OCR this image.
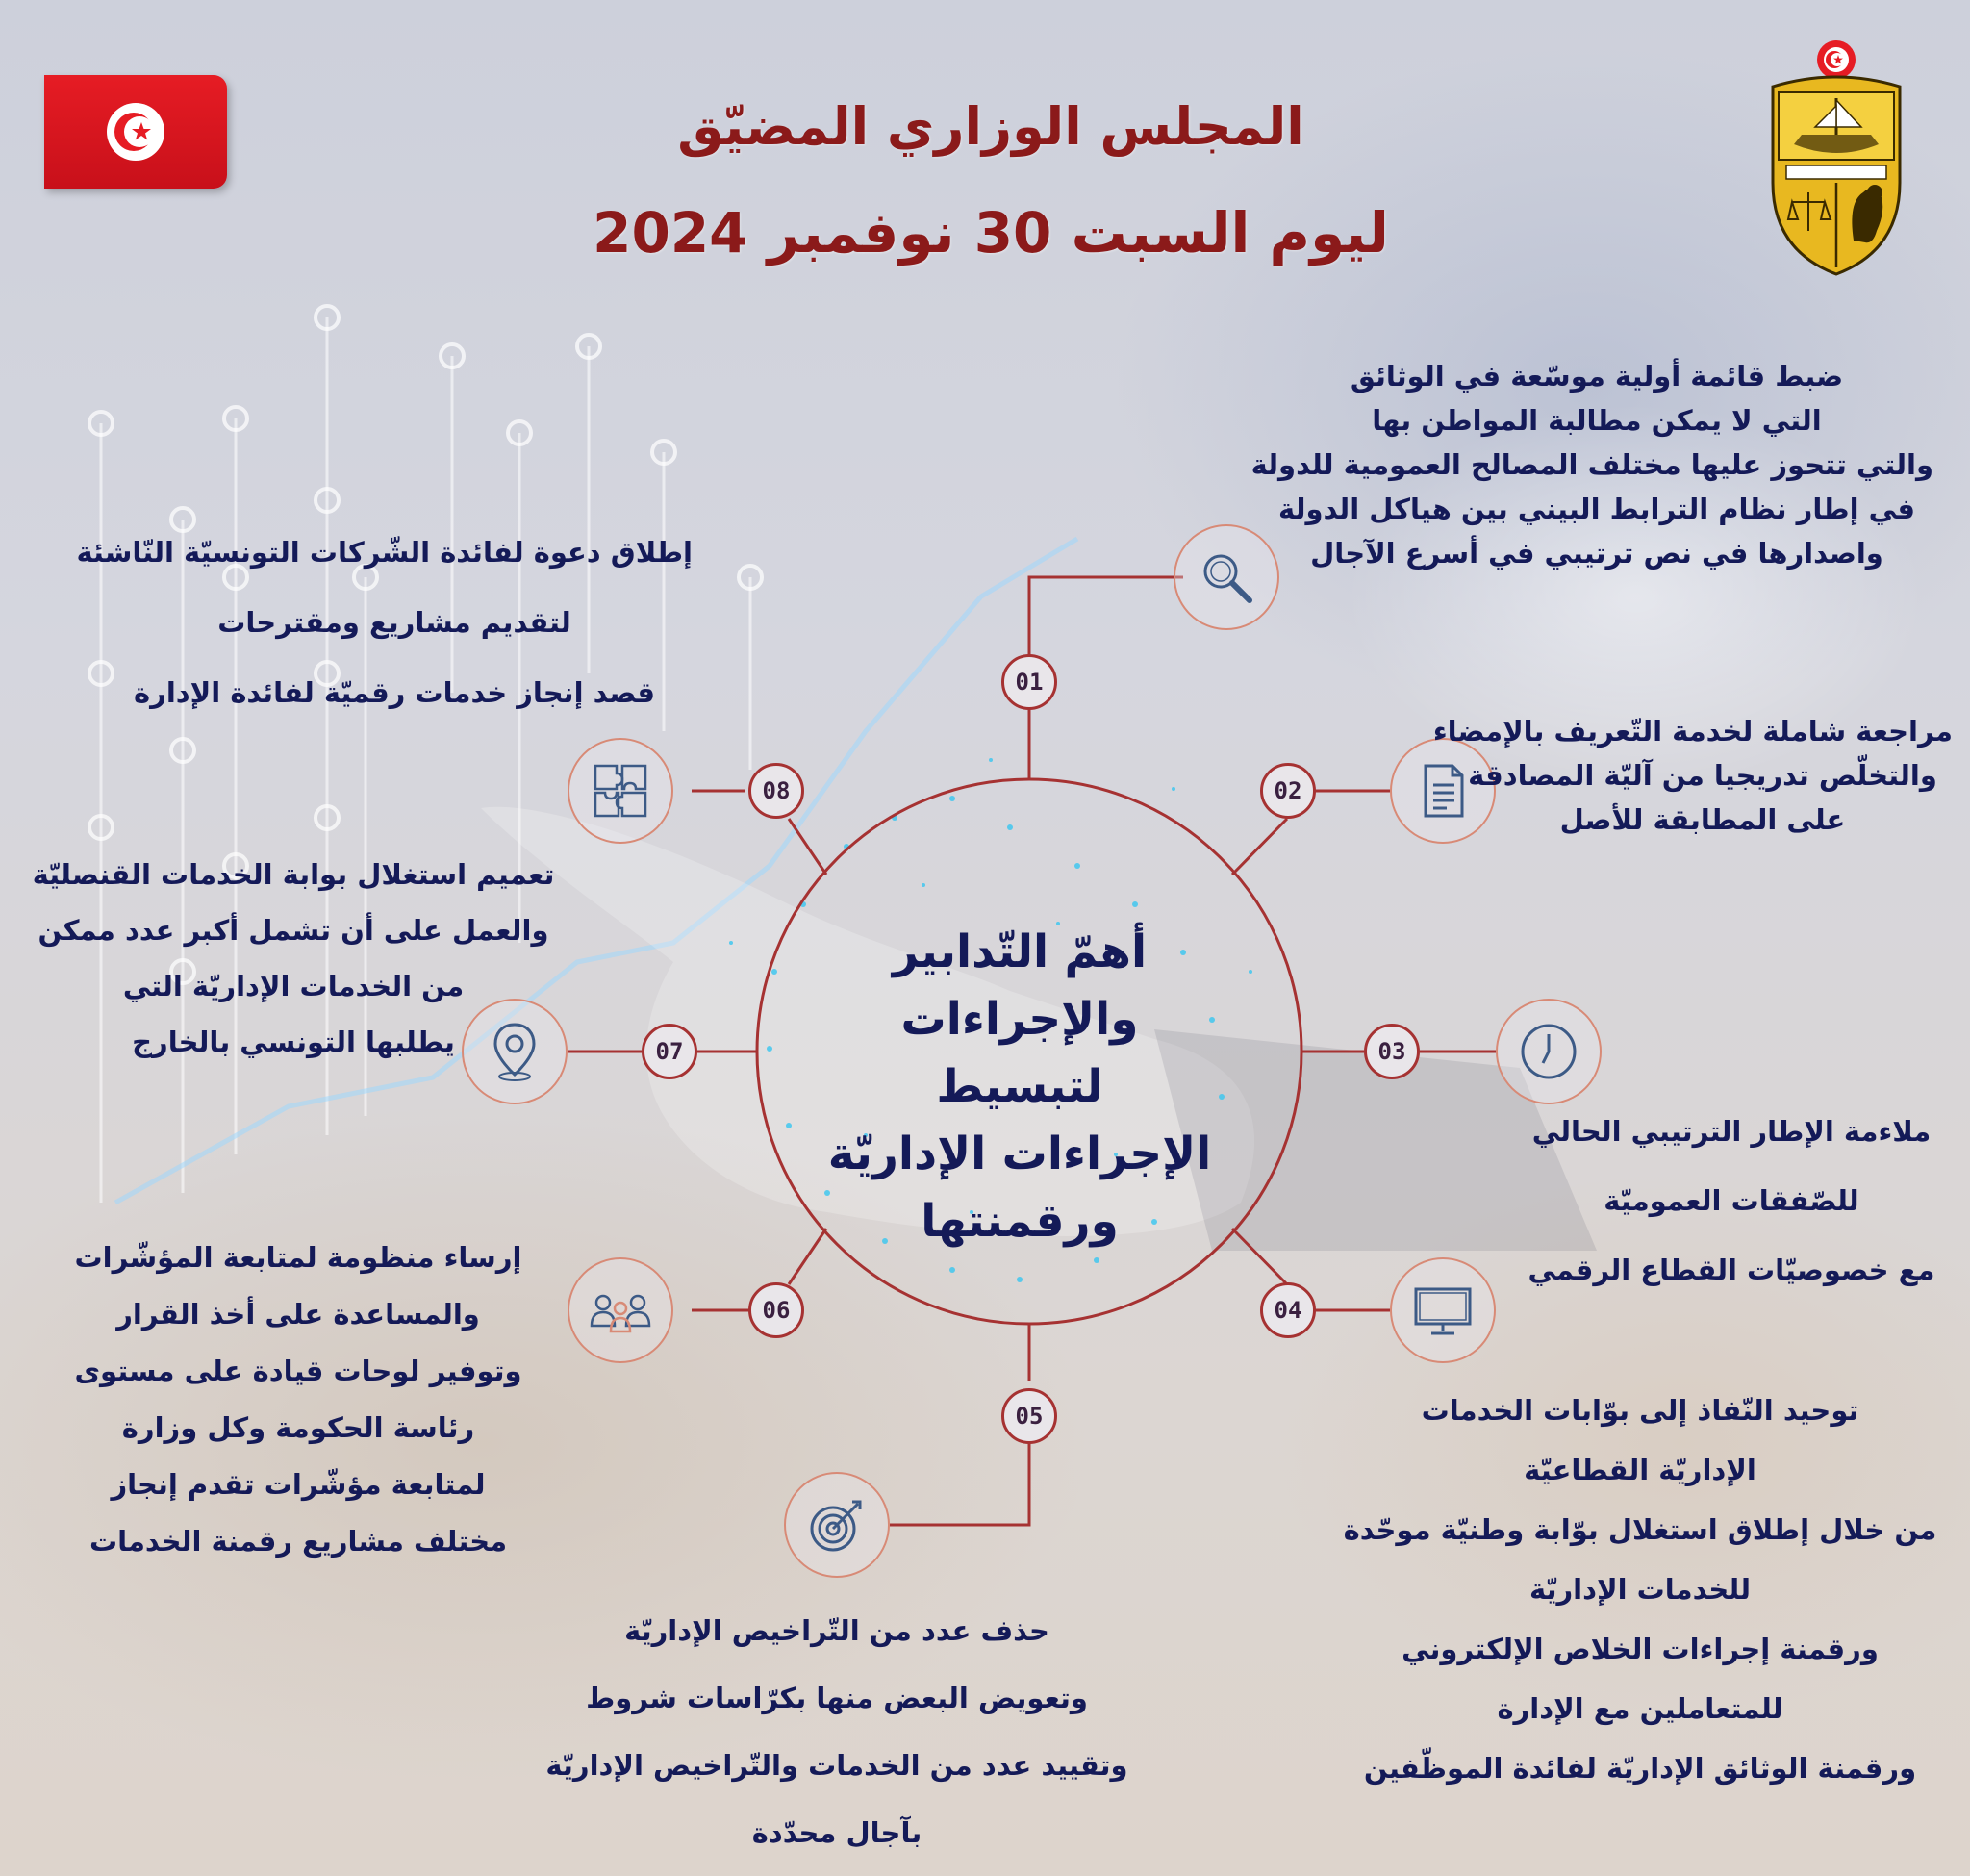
المجلس الوزاري المضيّق
ليوم السبت 30 نوفمبر 2024
أهمّ التّدابير والإجراءات
لتبسيط
الإجراءات الإداريّة
ورقمنتها
01
ضبط قائمة أولية موسّعة في الوثائق
التي لا يمكن مطالبة المواطن بها
والتي تتحوز عليها مختلف المصالح العمومية للدولة
في إطار نظام الترابط البيني بين هياكل الدولة
واصدارها في نص ترتيبي في أسرع الآجال
02
مراجعة شاملة لخدمة التّعريف بالإمضاء
والتخلّص تدريجيا من آليّة المصادقة
على المطابقة للأصل
03
ملاءمة الإطار الترتيبي الحالي
للصّفقات العموميّة
مع خصوصيّات القطاع الرقمي
04
توحيد النّفاذ إلى بوّابات الخدمات
الإداريّة القطاعيّة
من خلال إطلاق استغلال بوّابة وطنيّة موحّدة
للخدمات الإداريّة
ورقمنة إجراءات الخلاص الإلكتروني
للمتعاملين مع الإدارة
ورقمنة الوثائق الإداريّة لفائدة الموظّفين
05
حذف عدد من التّراخيص الإداريّة
وتعويض البعض منها بكرّاسات شروط
وتقييد عدد من الخدمات والتّراخيص الإداريّة
بآجال محدّدة
06
إرساء منظومة لمتابعة المؤشّرات
والمساعدة على أخذ القرار
وتوفير لوحات قيادة على مستوى
رئاسة الحكومة وكل وزارة
لمتابعة مؤشّرات تقدم إنجاز
مختلف مشاريع رقمنة الخدمات
07
تعميم استغلال بوابة الخدمات القنصليّة
والعمل على أن تشمل أكبر عدد ممكن
من الخدمات الإداريّة التي
يطلبها التونسي بالخارج
08
إطلاق دعوة لفائدة الشّركات التونسيّة النّاشئة
لتقديم مشاريع ومقترحات
قصد إنجاز خدمات رقميّة لفائدة الإدارة
